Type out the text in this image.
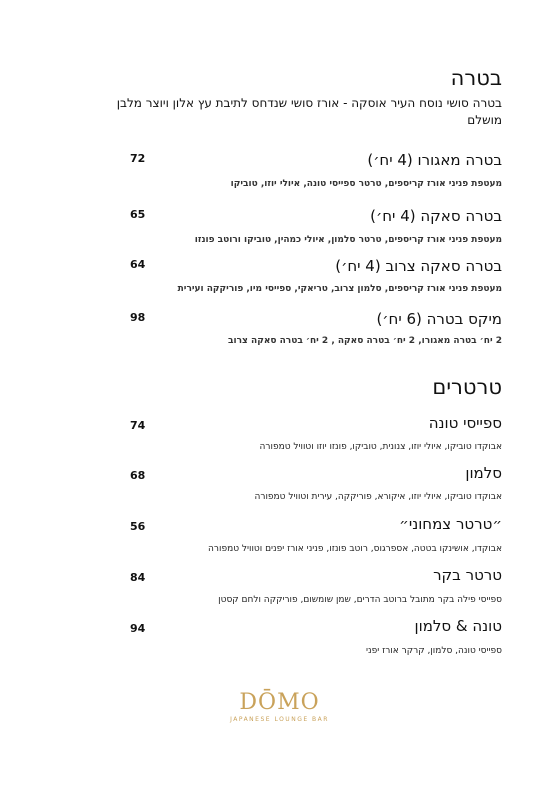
בטרה
בטרה סושי נוסח העיר אוסקה - אורז סושי שנדחס לתיבת עץ אלון ויוצר מלבן מושלם
בטרה מאגורו (4 יח׳)
72
מעטפת פניני אורז קריספים, טרטר ספייסי טונה, איולי יוזו, טוביקו
בטרה סאקה (4 יח׳)
65
מעטפת פניני אורז קריספים, טרטר סלמון, איולי כמהין, טוביקו ורוטב פונזו
בטרה סאקה צרוב (4 יח׳)
64
מעטפת פניני אורז קריספים, סלמון צרוב, טריאקי, ספייסי מיו, פוריקקה ועירית
מיקס בטרה (6 יח׳)
98
2 יח׳ בטרה מאגורו, 2 יח׳ בטרה סאקה , 2 יח׳ בטרה סאקה צרוב
טרטרים
ספייסי טונה
74
אבוקדו טוביקו, איולי יוזו, צנונית, טוביקו, פונזו יוזו וטוויל טמפורה
סלמון
68
אבוקדו טוביקו, איולי יוזו, איקורא, פוריקקה, עירית וטוויל טמפורה
״טרטר צמחוני״
56
אבוקדו, אושינקו בטטה, אספרגוס, רוטב פונזו, פניני אורז יפנים וטוויל טמפורה
טרטר בקר
84
ספייסי פילה בקר מתובל ברוטב הדרים, שמן שומשום, פוריקקה ולחם קסטן
טונה & סלמון
94
ספייסי טונה, סלמון, קרקר אורז יפני
DŌMO
JAPANESE LOUNGE BAR
